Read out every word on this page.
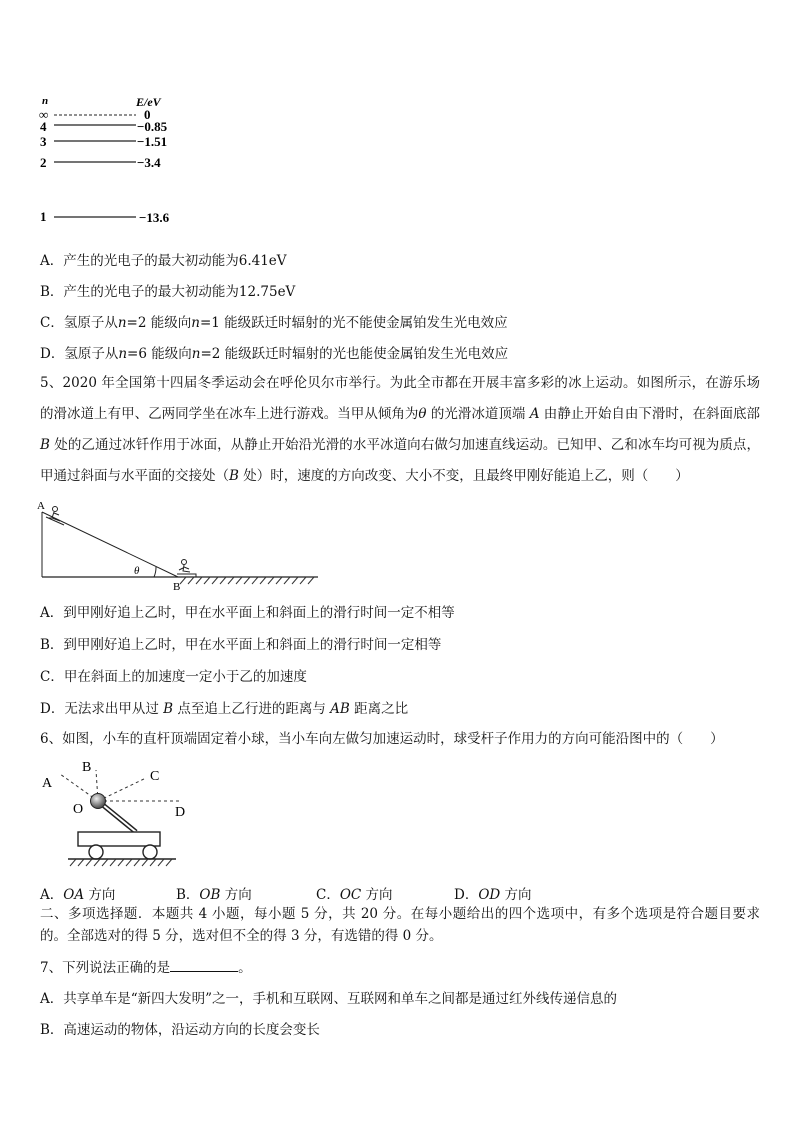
n	E/eV
∞	0
4	−0.85
3	−1.51
2	−3.4
1	−13.6
A．产生的光电子的最大初动能为6.41eV
B．产生的光电子的最大初动能为12.75eV
C．氢原子从n=2 能级向n=1 能级跃迁时辐射的光不能使金属铂发生光电效应
D．氢原子从n=6 能级向n=2 能级跃迁时辐射的光也能使金属铂发生光电效应
5、2020 年全国第十四届冬季运动会在呼伦贝尔市举行。为此全市都在开展丰富多彩的冰上运动。如图所示，在游乐场的滑冰道上有甲、乙两同学坐在冰车上进行游戏。当甲从倾角为θ 的光滑冰道顶端 A 由静止开始自由下滑时，在斜面底部 B 处的乙通过冰钎作用于冰面，从静止开始沿光滑的水平冰道向右做匀加速直线运动。已知甲、乙和冰车均可视为质点，甲通过斜面与水平面的交接处（B 处）时，速度的方向改变、大小不变，且最终甲刚好能追上乙，则（　　）
θ
A
B
A．到甲刚好追上乙时，甲在水平面上和斜面上的滑行时间一定不相等
B．到甲刚好追上乙时，甲在水平面上和斜面上的滑行时间一定相等
C．甲在斜面上的加速度一定小于乙的加速度
D．无法求出甲从过 B 点至追上乙行进的距离与 AB 距离之比
6、如图，小车的直杆顶端固定着小球，当小车向左做匀加速运动时，球受杆子作用力的方向可能沿图中的（　　）
A
B
C
D
O
A．OA 方向	B．OB 方向	C．OC 方向	D．OD 方向
二、多项选择题．本题共 4 小题，每小题 5 分，共 20 分。在每小题给出的四个选项中，有多个选项是符合题目要求的。全部选对的得 5 分，选对但不全的得 3 分，有选错的得 0 分。
7、下列说法正确的是	。
A．共享单车是“新四大发明”之一，手机和互联网、互联网和单车之间都是通过红外线传递信息的
B．高速运动的物体，沿运动方向的长度会变长
